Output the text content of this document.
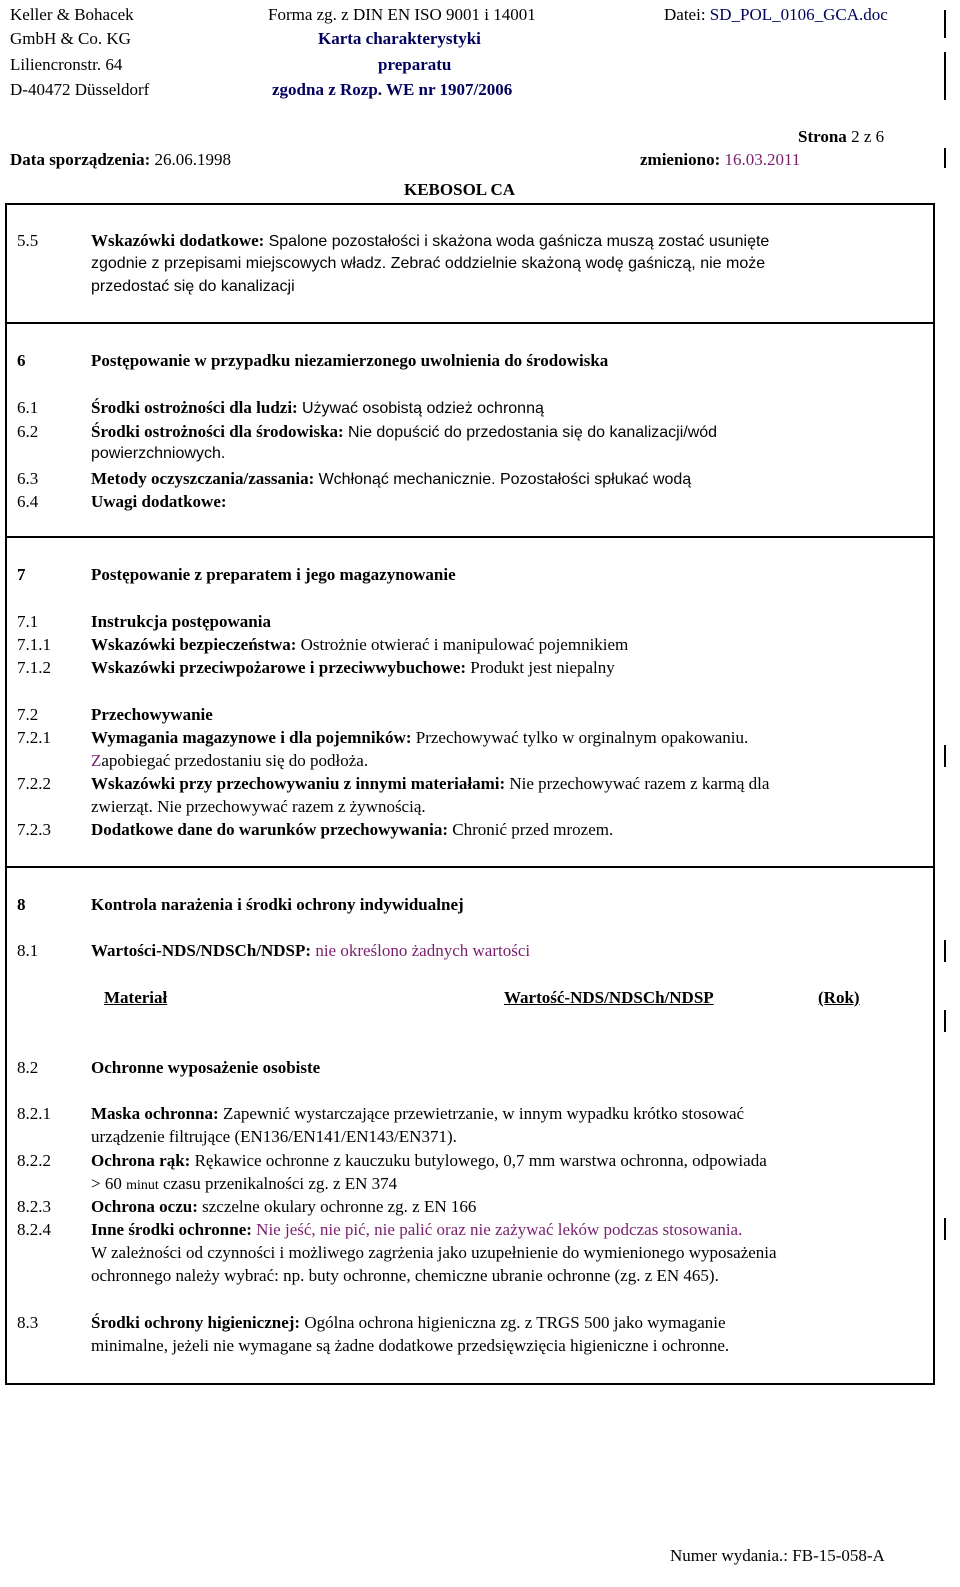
Keller & Bohacek
GmbH & Co. KG
Liliencronstr. 64
D-40472 Düsseldorf
Forma zg. z DIN EN ISO 9001 i 14001
Karta charakterystyki
preparatu
zgodna z Rozp. WE nr 1907/2006
Datei: SD_POL_0106_GCA.doc
Strona 2 z 6
Data sporządzenia: 26.06.1998	zmieniono: 16.03.2011
KEBOSOL CA
5.5	Wskazówki dodatkowe: Spalone pozostałości i skażona woda gaśnicza muszą zostać usunięte
zgodnie z przepisami miejscowych władz. Zebrać oddzielnie skażoną wodę gaśniczą, nie może
przedostać się do kanalizacji
6	Postępowanie w przypadku niezamierzonego uwolnienia do środowiska
6.1	Środki ostrożności dla ludzi: Używać osobistą odzież ochronną
6.2	Środki ostrożności dla środowiska: Nie dopuścić do przedostania się do kanalizacji/wód
powierzchniowych.
6.3	Metody oczyszczania/zassania: Wchłonąć mechanicznie. Pozostałości spłukać wodą
6.4	Uwagi dodatkowe:
7	Postępowanie z preparatem i jego magazynowanie
7.1	Instrukcja postępowania
7.1.1	Wskazówki bezpieczeństwa: Ostrożnie otwierać i manipulować pojemnikiem
7.1.2	Wskazówki przeciwpożarowe i przeciwwybuchowe: Produkt jest niepalny
7.2	Przechowywanie
7.2.1	Wymagania magazynowe i dla pojemników: Przechowywać tylko w orginalnym opakowaniu.
Zapobiegać przedostaniu się do podłoża.
7.2.2	Wskazówki przy przechowywaniu z innymi materiałami: Nie przechowywać razem z karmą dla
zwierząt. Nie przechowywać razem z żywnością.
7.2.3	Dodatkowe dane do warunków przechowywania: Chronić przed mrozem.
8	Kontrola narażenia i środki ochrony indywidualnej
8.1	Wartości-NDS/NDSCh/NDSP: nie określono żadnych wartości
Materiał	Wartość-NDS/NDSCh/NDSP	(Rok)
8.2	Ochronne wyposażenie osobiste
8.2.1	Maska ochronna: Zapewnić wystarczające przewietrzanie, w innym wypadku krótko stosować
urządzenie filtrujące (EN136/EN141/EN143/EN371).
8.2.2	Ochrona rąk: Rękawice ochronne z kauczuku butylowego, 0,7 mm warstwa ochronna, odpowiada
> 60 minut czasu przenikalności zg. z EN 374
8.2.3	Ochrona oczu: szczelne okulary ochronne zg. z EN 166
8.2.4	Inne środki ochronne: Nie jeść, nie pić, nie palić oraz nie zażywać leków podczas stosowania.
W zależności od czynności i możliwego zagrżenia jako uzupełnienie do wymienionego wyposażenia
ochronnego należy wybrać: np. buty ochronne, chemiczne ubranie ochronne (zg. z EN 465).
8.3	Środki ochrony higienicznej: Ogólna ochrona higieniczna zg. z TRGS 500 jako wymaganie
minimalne, jeżeli nie wymagane są żadne dodatkowe przedsięwzięcia higieniczne i ochronne.
Numer wydania.: FB-15-058-A
